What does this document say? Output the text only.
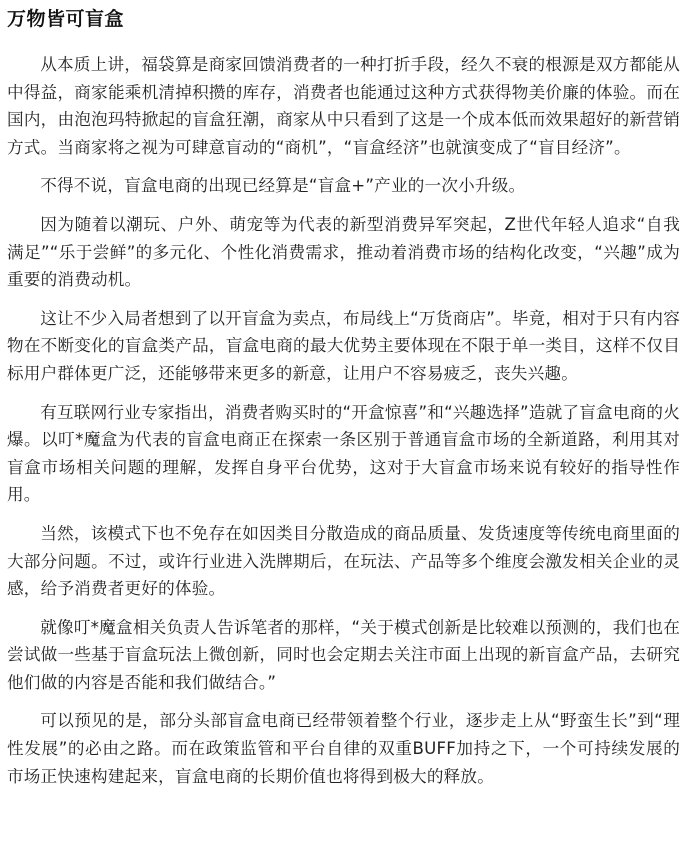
万物皆可盲盒

从本质上讲，福袋算是商家回馈消费者的一种打折手段，经久不衰的根源是双方都能从中得益，商家能乘机清掉积攒的库存，消费者也能通过这种方式获得物美价廉的体验。而在国内，由泡泡玛特掀起的盲盒狂潮，商家从中只看到了这是一个成本低而效果超好的新营销方式。当商家将之视为可肆意盲动的“商机”，“盲盒经济”也就演变成了“盲目经济”。

不得不说，盲盒电商的出现已经算是“盲盒+”产业的一次小升级。

因为随着以潮玩、户外、萌宠等为代表的新型消费异军突起，Z世代年轻人追求“自我满足”“乐于尝鲜”的多元化、个性化消费需求，推动着消费市场的结构化改变，“兴趣”成为重要的消费动机。

这让不少入局者想到了以开盲盒为卖点，布局线上“万货商店”。毕竟，相对于只有内容物在不断变化的盲盒类产品，盲盒电商的最大优势主要体现在不限于单一类目，这样不仅目标用户群体更广泛，还能够带来更多的新意，让用户不容易疲乏，丧失兴趣。

有互联网行业专家指出，消费者购买时的“开盒惊喜”和“兴趣选择”造就了盲盒电商的火爆。以叮*魔盒为代表的盲盒电商正在探索一条区别于普通盲盒市场的全新道路，利用其对盲盒市场相关问题的理解，发挥自身平台优势，这对于大盲盒市场来说有较好的指导性作用。

当然，该模式下也不免存在如因类目分散造成的商品质量、发货速度等传统电商里面的大部分问题。不过，或许行业进入洗牌期后，在玩法、产品等多个维度会激发相关企业的灵感，给予消费者更好的体验。

就像叮*魔盒相关负责人告诉笔者的那样，“关于模式创新是比较难以预测的，我们也在尝试做一些基于盲盒玩法上微创新，同时也会定期去关注市面上出现的新盲盒产品，去研究他们做的内容是否能和我们做结合。”

可以预见的是，部分头部盲盒电商已经带领着整个行业，逐步走上从“野蛮生长”到“理性发展”的必由之路。而在政策监管和平台自律的双重BUFF加持之下，一个可持续发展的市场正快速构建起来，盲盒电商的长期价值也将得到极大的释放。
